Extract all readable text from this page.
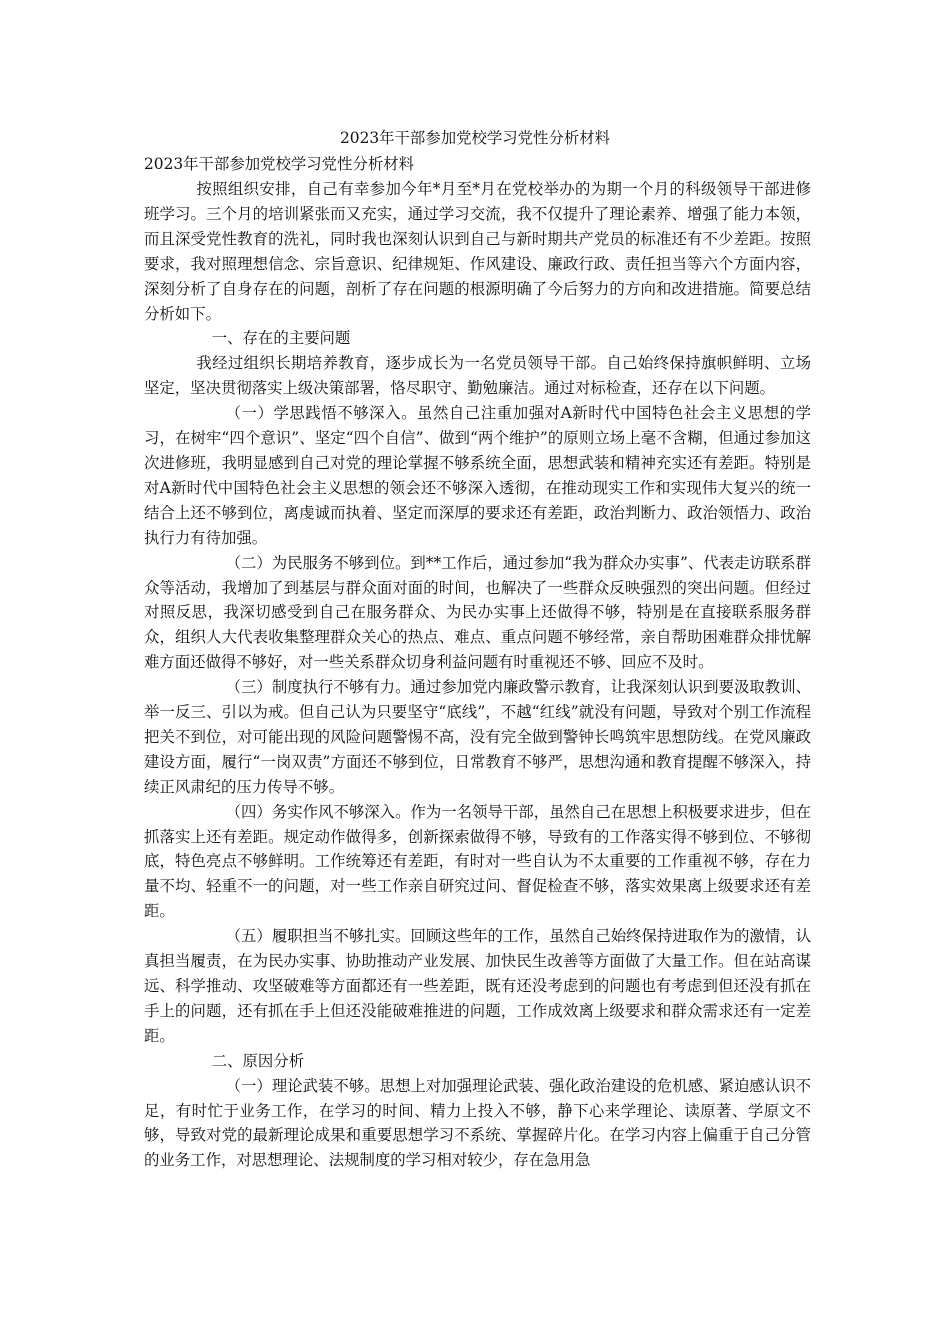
2023年干部参加党校学习党性分析材料
2023年干部参加党校学习党性分析材料

按照组织安排，自己有幸参加今年*月至*月在党校举办的为期一个月的科级领导干部进修班学习。三个月的培训紧张而又充实，通过学习交流，我不仅提升了理论素养、增强了能力本领，而且深受党性教育的洗礼，同时我也深刻认识到自己与新时期共产党员的标准还有不少差距。按照要求，我对照理想信念、宗旨意识、纪律规矩、作风建设、廉政行政、责任担当等六个方面内容，深刻分析了自身存在的问题，剖析了存在问题的根源明确了今后努力的方向和改进措施。简要总结分析如下。

一、存在的主要问题

我经过组织长期培养教育，逐步成长为一名党员领导干部。自己始终保持旗帜鲜明、立场坚定，坚决贯彻落实上级决策部署，恪尽职守、勤勉廉洁。通过对标检查，还存在以下问题。

（一）学思践悟不够深入。虽然自己注重加强对A新时代中国特色社会主义思想的学习，在树牢“四个意识”、坚定“四个自信”、做到“两个维护”的原则立场上毫不含糊，但通过参加这次进修班，我明显感到自己对党的理论掌握不够系统全面，思想武装和精神充实还有差距。特别是对A新时代中国特色社会主义思想的领会还不够深入透彻，在推动现实工作和实现伟大复兴的统一结合上还不够到位，离虔诚而执着、坚定而深厚的要求还有差距，政治判断力、政治领悟力、政治执行力有待加强。

（二）为民服务不够到位。到**工作后，通过参加“我为群众办实事”、代表走访联系群众等活动，我增加了到基层与群众面对面的时间，也解决了一些群众反映强烈的突出问题。但经过对照反思，我深切感受到自己在服务群众、为民办实事上还做得不够，特别是在直接联系服务群众，组织人大代表收集整理群众关心的热点、难点、重点问题不够经常，亲自帮助困难群众排忧解难方面还做得不够好，对一些关系群众切身利益问题有时重视还不够、回应不及时。

（三）制度执行不够有力。通过参加党内廉政警示教育，让我深刻认识到要汲取教训、举一反三、引以为戒。但自己认为只要坚守“底线”，不越“红线”就没有问题，导致对个别工作流程把关不到位，对可能出现的风险问题警惕不高，没有完全做到警钟长鸣筑牢思想防线。在党风廉政建设方面，履行“一岗双责”方面还不够到位，日常教育不够严，思想沟通和教育提醒不够深入，持续正风肃纪的压力传导不够。

（四）务实作风不够深入。作为一名领导干部，虽然自己在思想上积极要求进步，但在抓落实上还有差距。规定动作做得多，创新探索做得不够，导致有的工作落实得不够到位、不够彻底，特色亮点不够鲜明。工作统筹还有差距，有时对一些自认为不太重要的工作重视不够，存在力量不均、轻重不一的问题，对一些工作亲自研究过问、督促检查不够，落实效果离上级要求还有差距。

（五）履职担当不够扎实。回顾这些年的工作，虽然自己始终保持进取作为的激情，认真担当履责，在为民办实事、协助推动产业发展、加快民生改善等方面做了大量工作。但在站高谋远、科学推动、攻坚破难等方面都还有一些差距，既有还没考虑到的问题也有考虑到但还没有抓在手上的问题，还有抓在手上但还没能破难推进的问题，工作成效离上级要求和群众需求还有一定差距。

二、原因分析

（一）理论武装不够。思想上对加强理论武装、强化政治建设的危机感、紧迫感认识不足，有时忙于业务工作，在学习的时间、精力上投入不够，静下心来学理论、读原著、学原文不够，导致对党的最新理论成果和重要思想学习不系统、掌握碎片化。在学习内容上偏重于自己分管的业务工作，对思想理论、法规制度的学习相对较少，存在急用急
